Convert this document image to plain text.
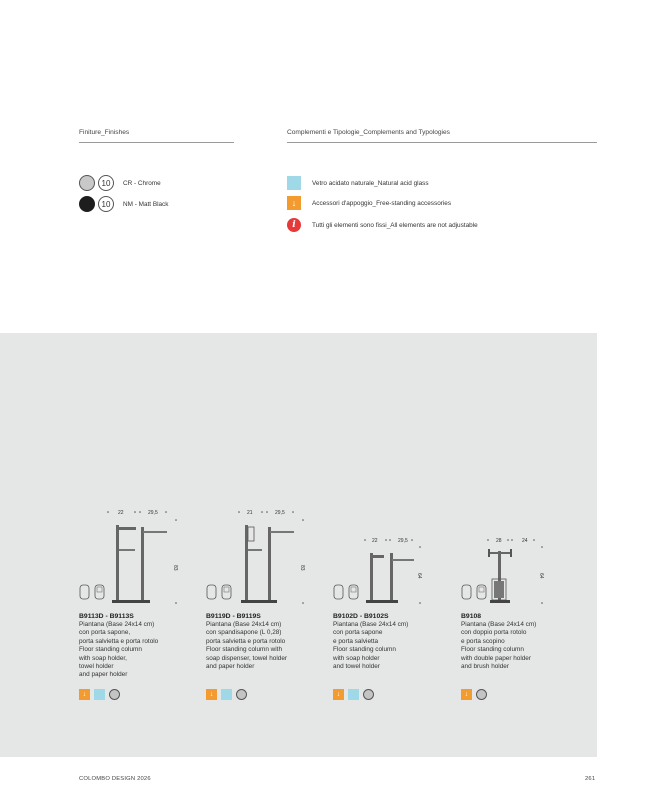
Finiture_Finishes	Complementi e Tipologie_Complements and Typologies
10	CR - Chrome
10	NM - Matt Black
Vetro acidato naturale_Natural acid glass
↓	Accessori d'appoggio_Free-standing accessories
i	Tutti gli elementi sono fissi_All elements are not adjustable
22	29,5
83
B9113D - B9113S
Piantana (Base 24x14 cm)
con porta sapone,
porta salvietta e porta rotolo
Floor standing column
with soap holder,
towel holder
and paper holder
↓
21	29,5
83
B9119D - B9119S
Piantana (Base 24x14 cm)
con spandisapone (L 0,28)
porta salvietta e porta rotolo
Floor standing column with
soap dispenser, towel holder
and paper holder
↓
22	29,5
64
B9102D - B9102S
Piantana (Base 24x14 cm)
con porta sapone
e porta salvietta
Floor standing column
with soap holder
and towel holder
↓
28	24
64
B9108
Piantana (Base 24x14 cm)
con doppio porta rotolo
e porta scopino
Floor standing column
with double paper holder
and brush holder
↓
COLOMBO DESIGN 2026	261
